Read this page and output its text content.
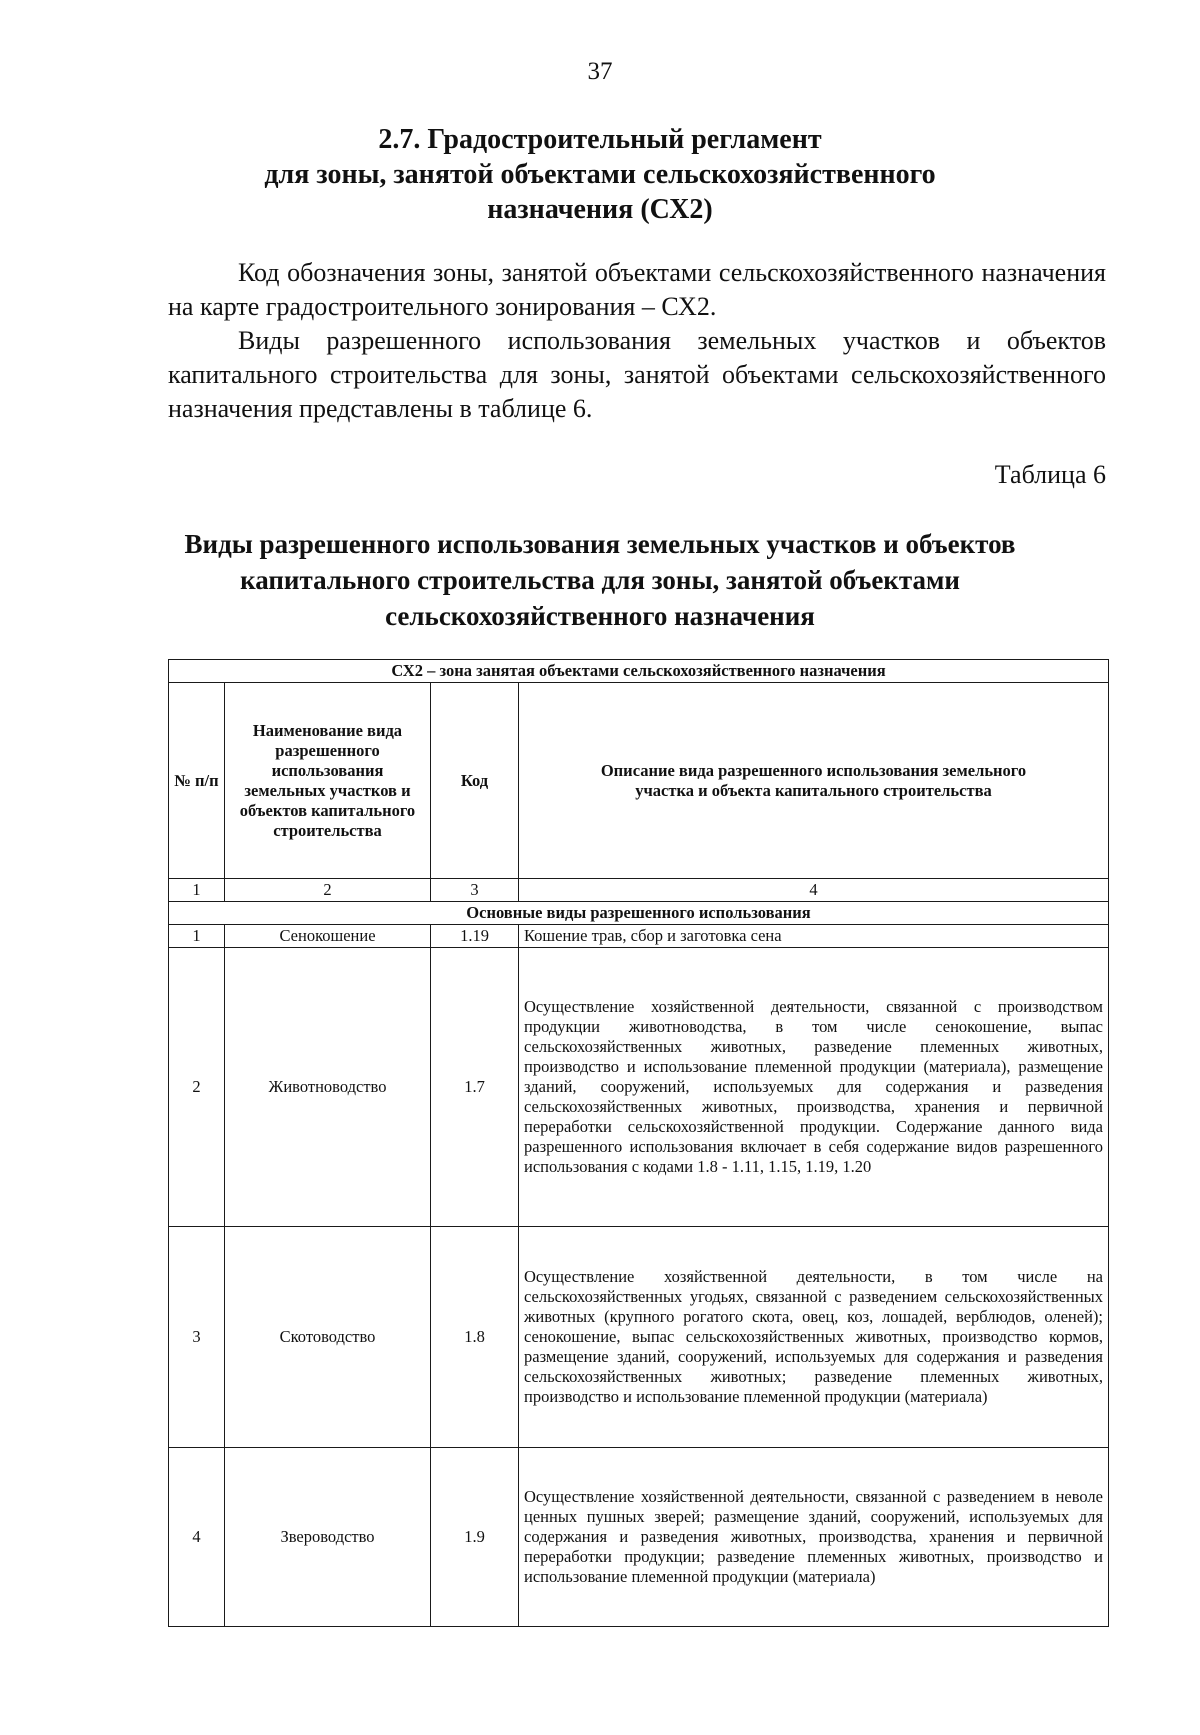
37
2.7. Градостроительный регламент
для зоны, занятой объектами сельскохозяйственного
назначения (СХ2)
Код обозначения зоны, занятой объектами сельскохозяйственного назначения на карте градостроительного зонирования – СХ2.
Виды разрешенного использования земельных участков и объектов капитального строительства для зоны, занятой объектами сельскохозяйственного назначения представлены в таблице 6.
Таблица 6
Виды разрешенного использования земельных участков и объектов
капитального строительства для зоны, занятой объектами
сельскохозяйственного назначения
СХ2 – зона занятая объектами сельскохозяйственного назначения			
№ п/п	Наименование вида разрешенного использования земельных участков и объектов капитального строительства	Код	Описание вида разрешенного использования земельного участка и объекта капитального строительства
1	2	3	4
Основные виды разрешенного использования			
1	Сенокошение	1.19	Кошение трав, сбор и заготовка сена
2	Животноводство	1.7	Осуществление хозяйственной деятельности, связанной с производством продукции животноводства, в том числе сенокошение, выпас сельскохозяйственных животных, разведение племенных животных, производство и использование племенной продукции (материала), размещение зданий, сооружений, используемых для содержания и разведения сельскохозяйственных животных, производства, хранения и первичной переработки сельскохозяйственной продукции. Содержание данного вида разрешенного использования включает в себя содержание видов разрешенного использования с кодами 1.8 - 1.11, 1.15, 1.19, 1.20
3	Скотоводство	1.8	Осуществление хозяйственной деятельности, в том числе на сельскохозяйственных угодьях, связанной с разведением сельскохозяйственных животных (крупного рогатого скота, овец, коз, лошадей, верблюдов, оленей); сенокошение, выпас сельскохозяйственных животных, производство кормов, размещение зданий, сооружений, используемых для содержания и разведения сельскохозяйственных животных; разведение племенных животных, производство и использование племенной продукции (материала)
4	Звероводство	1.9	Осуществление хозяйственной деятельности, связанной с разведением в неволе ценных пушных зверей; размещение зданий, сооружений, используемых для содержания и разведения животных, производства, хранения и первичной переработки продукции; разведение племенных животных, производство и использование племенной продукции (материала)
